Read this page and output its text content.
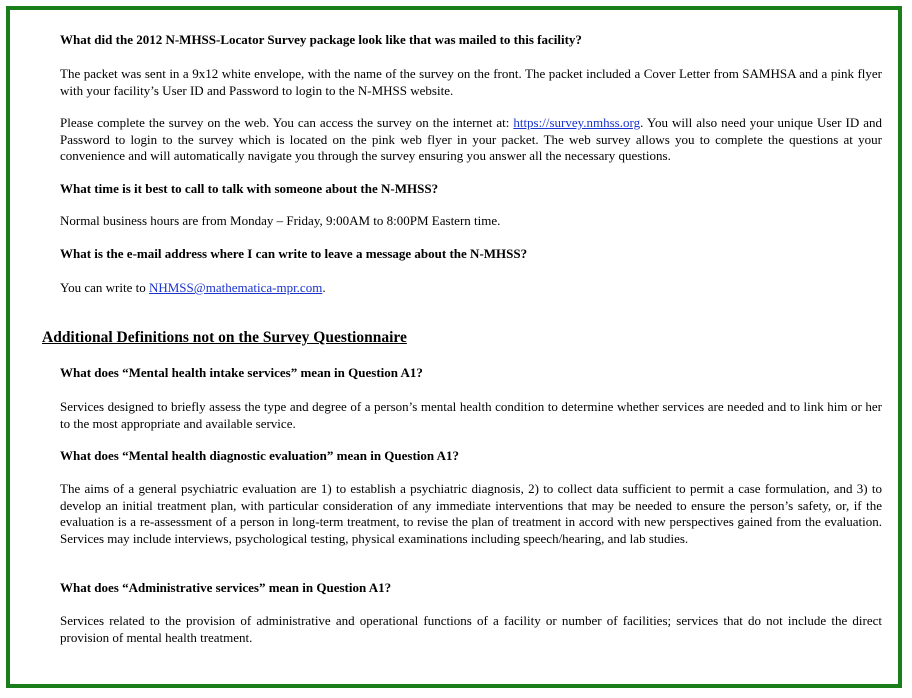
What did the 2012 N-MHSS-Locator Survey package look like that was mailed to this facility?
The packet was sent in a 9x12 white envelope, with the name of the survey on the front. The packet included a Cover Letter from SAMHSA and a pink flyer with your facility’s User ID and Password to login to the N-MHSS website.
Please complete the survey on the web. You can access the survey on the internet at: https://survey.nmhss.org. You will also need your unique User ID and Password to login to the survey which is located on the pink web flyer in your packet. The web survey allows you to complete the questions at your convenience and will automatically navigate you through the survey ensuring you answer all the necessary questions.
What time is it best to call to talk with someone about the N-MHSS?
Normal business hours are from Monday – Friday, 9:00AM to 8:00PM Eastern time.
What is the e-mail address where I can write to leave a message about the N-MHSS?
You can write to NHMSS@mathematica-mpr.com.
Additional Definitions not on the Survey Questionnaire
What does “Mental health intake services” mean in Question A1?
Services designed to briefly assess the type and degree of a person’s mental health condition to determine whether services are needed and to link him or her to the most appropriate and available service.
What does “Mental health diagnostic evaluation” mean in Question A1?
The aims of a general psychiatric evaluation are 1) to establish a psychiatric diagnosis, 2) to collect data sufficient to permit a case formulation, and 3) to develop an initial treatment plan, with particular consideration of any immediate interventions that may be needed to ensure the person’s safety, or, if the evaluation is a re-assessment of a person in long-term treatment, to revise the plan of treatment in accord with new perspectives gained from the evaluation. Services may include interviews, psychological testing, physical examinations including speech/hearing, and lab studies.
What does “Administrative services” mean in Question A1?
Services related to the provision of administrative and operational functions of a facility or number of facilities; services that do not include the direct provision of mental health treatment.
